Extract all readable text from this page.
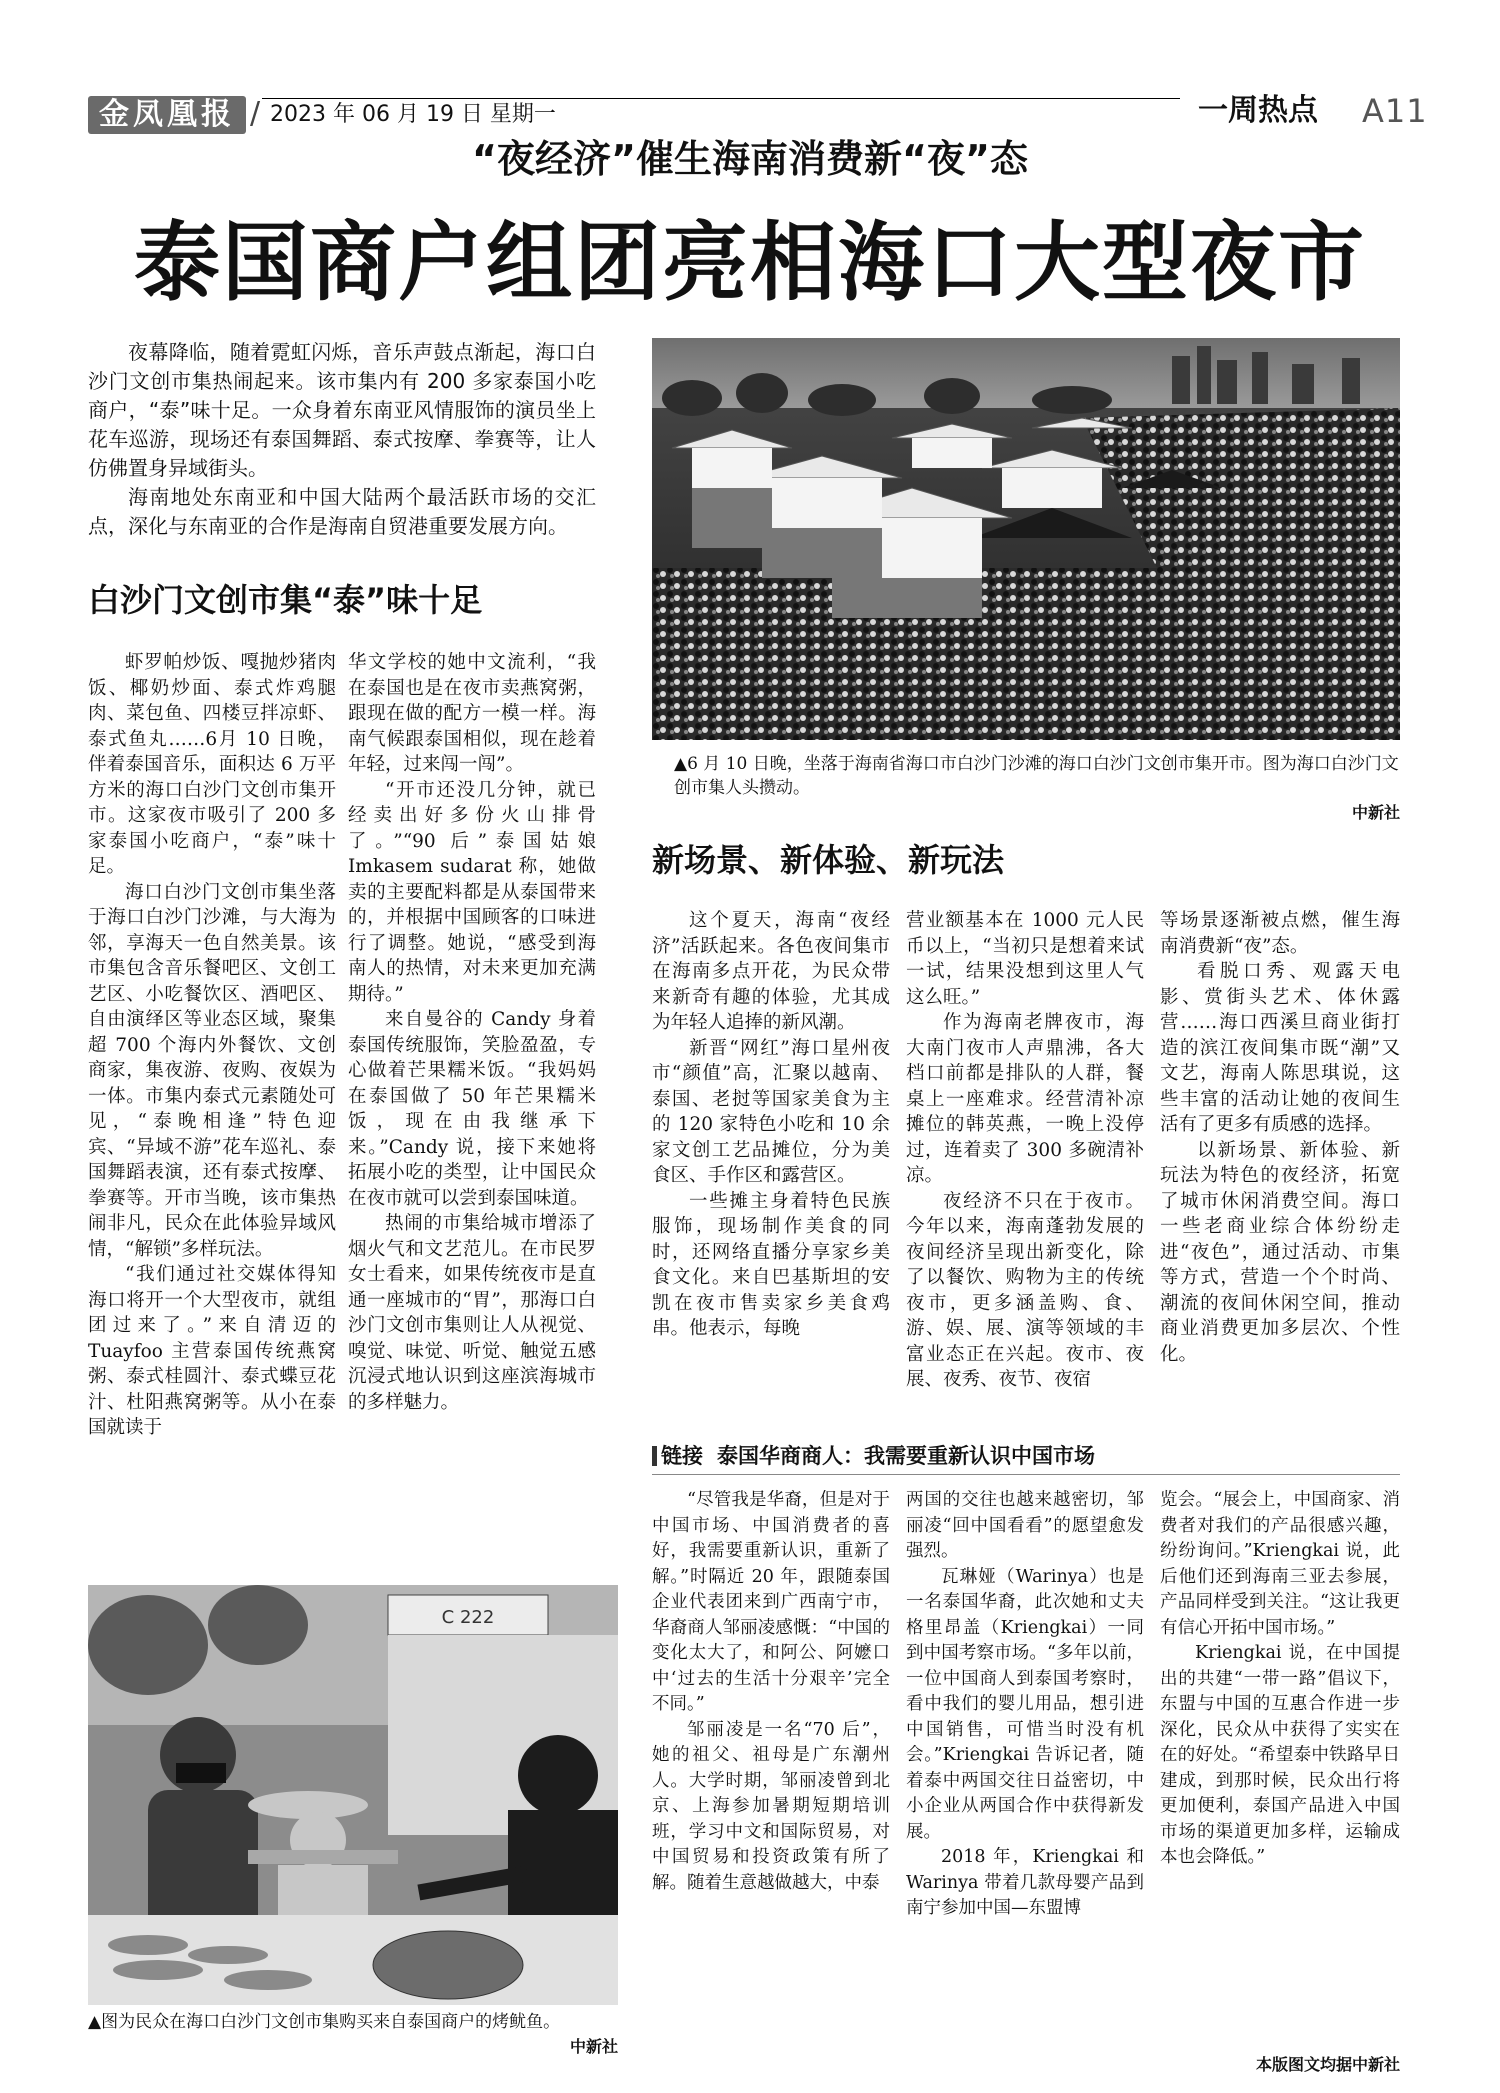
金凤凰报 / 2023 年 06 月 19 日 星期一	一周热点 A11
“夜经济”催生海南消费新“夜”态
泰国商户组团亮相海口大型夜市

夜幕降临，随着霓虹闪烁，音乐声鼓点渐起，海口白沙门文创市集热闹起来。该市集内有 200 多家泰国小吃商户，“泰”味十足。一众身着东南亚风情服饰的演员坐上花车巡游，现场还有泰国舞蹈、泰式按摩、拳赛等，让人仿佛置身异域街头。

海南地处东南亚和中国大陆两个最活跃市场的交汇点，深化与东南亚的合作是海南自贸港重要发展方向。

白沙门文创市集“泰”味十足

虾罗帕炒饭、嘎抛炒猪肉饭、椰奶炒面、泰式炸鸡腿肉、菜包鱼、四楼豆拌凉虾、泰式鱼丸……6月 10 日晚，伴着泰国音乐，面积达 6 万平方米的海口白沙门文创市集开市。这家夜市吸引了 200 多家泰国小吃商户，“泰”味十足。

海口白沙门文创市集坐落于海口白沙门沙滩，与大海为邻，享海天一色自然美景。该市集包含音乐餐吧区、文创工艺区、小吃餐饮区、酒吧区、自由演绎区等业态区域，聚集超 700 个海内外餐饮、文创商家，集夜游、夜购、夜娱为一体。市集内泰式元素随处可见，“泰晚相逢”特色迎宾、“异域不游”花车巡礼、泰国舞蹈表演，还有泰式按摩、拳赛等。开市当晚，该市集热闹非凡，民众在此体验异域风情，“解锁”多样玩法。

“我们通过社交媒体得知海口将开一个大型夜市，就组团过来了。”来自清迈的 Tuayfoo 主营泰国传统燕窝粥、泰式桂圆汁、泰式蝶豆花汁、杜阳燕窝粥等。从小在泰国就读于

华文学校的她中文流利，“我在泰国也是在夜市卖燕窝粥，跟现在做的配方一模一样。海南气候跟泰国相似，现在趁着年轻，过来闯一闯”。

“开市还没几分钟，就已经卖出好多份火山排骨了。”“90 后”泰国姑娘 Imkasem sudarat 称，她做卖的主要配料都是从泰国带来的，并根据中国顾客的口味进行了调整。她说，“感受到海南人的热情，对未来更加充满期待。”

来自曼谷的 Candy 身着泰国传统服饰，笑脸盈盈，专心做着芒果糯米饭。“我妈妈在泰国做了 50 年芒果糯米饭，现在由我继承下来。”Candy 说，接下来她将拓展小吃的类型，让中国民众在夜市就可以尝到泰国味道。

热闹的市集给城市增添了烟火气和文艺范儿。在市民罗女士看来，如果传统夜市是直通一座城市的“胃”，那海口白沙门文创市集则让人从视觉、嗅觉、味觉、听觉、触觉五感沉浸式地认识到这座滨海城市的多样魅力。

▲6 月 10 日晚，坐落于海南省海口市白沙门沙滩的海口白沙门文创市集开市。图为海口白沙门文创市集人头攒动。
中新社
新场景、新体验、新玩法

这个夏天，海南“夜经济”活跃起来。各色夜间集市在海南多点开花，为民众带来新奇有趣的体验，尤其成为年轻人追捧的新风潮。

新晋“网红”海口星州夜市“颜值”高，汇聚以越南、泰国、老挝等国家美食为主的 120 家特色小吃和 10 余家文创工艺品摊位，分为美食区、手作区和露营区。

一些摊主身着特色民族服饰，现场制作美食的同时，还网络直播分享家乡美食文化。来自巴基斯坦的安凯在夜市售卖家乡美食鸡串。他表示，每晚

营业额基本在 1000 元人民币以上，“当初只是想着来试一试，结果没想到这里人气这么旺。”

作为海南老牌夜市，海大南门夜市人声鼎沸，各大档口前都是排队的人群，餐桌上一座难求。经营清补凉摊位的韩英燕，一晚上没停过，连着卖了 300 多碗清补凉。

夜经济不只在于夜市。今年以来，海南蓬勃发展的夜间经济呈现出新变化，除了以餐饮、购物为主的传统夜市，更多涵盖购、食、游、娱、展、演等领域的丰富业态正在兴起。夜市、夜展、夜秀、夜节、夜宿

等场景逐渐被点燃，催生海南消费新“夜”态。

看脱口秀、观露天电影、赏街头艺术、体休露营……海口西溪旦商业街打造的滨江夜间集市既“潮”又文艺，海南人陈思琪说，这些丰富的活动让她的夜间生活有了更多有质感的选择。

以新场景、新体验、新玩法为特色的夜经济，拓宽了城市休闲消费空间。海口一些老商业综合体纷纷走进“夜色”，通过活动、市集等方式，营造一个个时尚、潮流的夜间休闲空间，推动商业消费更加多层次、个性化。

链接 泰国华商商人：我需要重新认识中国市场

“尽管我是华裔，但是对于中国市场、中国消费者的喜好，我需要重新认识，重新了解。”时隔近 20 年，跟随泰国企业代表团来到广西南宁市，华裔商人邹丽凌感慨：“中国的变化太大了，和阿公、阿嬷口中‘过去的生活十分艰辛’完全不同。”

邹丽凌是一名“70 后”，她的祖父、祖母是广东潮州人。大学时期，邹丽凌曾到北京、上海参加暑期短期培训班，学习中文和国际贸易，对中国贸易和投资政策有所了解。随着生意越做越大，中泰

两国的交往也越来越密切，邹丽凌“回中国看看”的愿望愈发强烈。

瓦琳娅（Warinya）也是一名泰国华裔，此次她和丈夫格里昂盖（Kriengkai）一同到中国考察市场。“多年以前，一位中国商人到泰国考察时，看中我们的婴儿用品，想引进中国销售，可惜当时没有机会。”Kriengkai 告诉记者，随着泰中两国交往日益密切，中小企业从两国合作中获得新发展。

2018 年，Kriengkai 和 Warinya 带着几款母婴产品到南宁参加中国—东盟博

览会。“展会上，中国商家、消费者对我们的产品很感兴趣，纷纷询问。”Kriengkai 说，此后他们还到海南三亚去参展，产品同样受到关注。“这让我更有信心开拓中国市场。”

Kriengkai 说，在中国提出的共建“一带一路”倡议下，东盟与中国的互惠合作进一步深化，民众从中获得了实实在在的好处。“希望泰中铁路早日建成，到那时候，民众出行将更加便利，泰国产品进入中国市场的渠道更加多样，运输成本也会降低。”

C 222
▲图为民众在海口白沙门文创市集购买来自泰国商户的烤鱿鱼。
中新社
本版图文均据中新社
